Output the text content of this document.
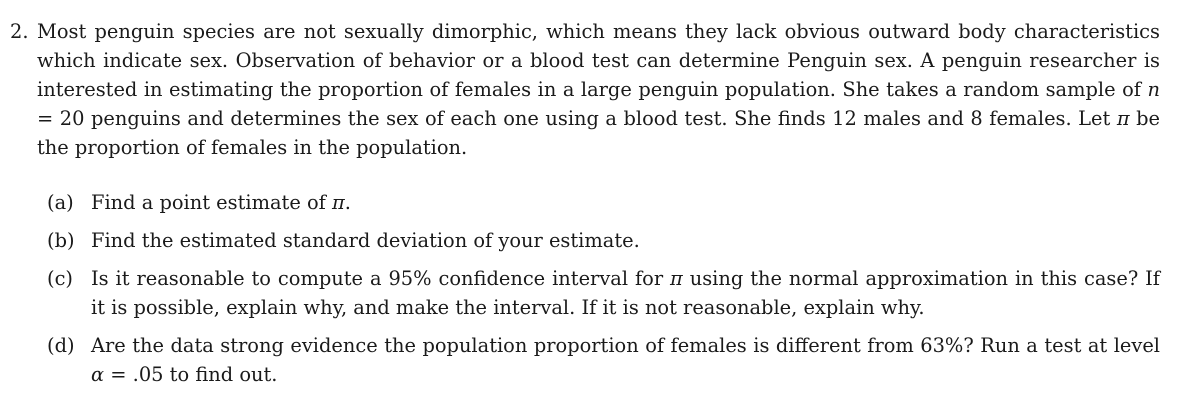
2. Most penguin species are not sexually dimorphic, which means they lack obvious outward body characteristics which indicate sex. Observation of behavior or a blood test can determine Penguin sex. A penguin researcher is interested in estimating the proportion of females in a large penguin population. She takes a random sample of n = 20 penguins and determines the sex of each one using a blood test. She finds 12 males and 8 females. Let π be the proportion of females in the population.
(a) Find a point estimate of π.
(b) Find the estimated standard deviation of your estimate.
(c) Is it reasonable to compute a 95% confidence interval for π using the normal approximation in this case? If it is possible, explain why, and make the interval. If it is not reasonable, explain why.
(d) Are the data strong evidence the population proportion of females is different from 63%? Run a test at level α = .05 to find out.
